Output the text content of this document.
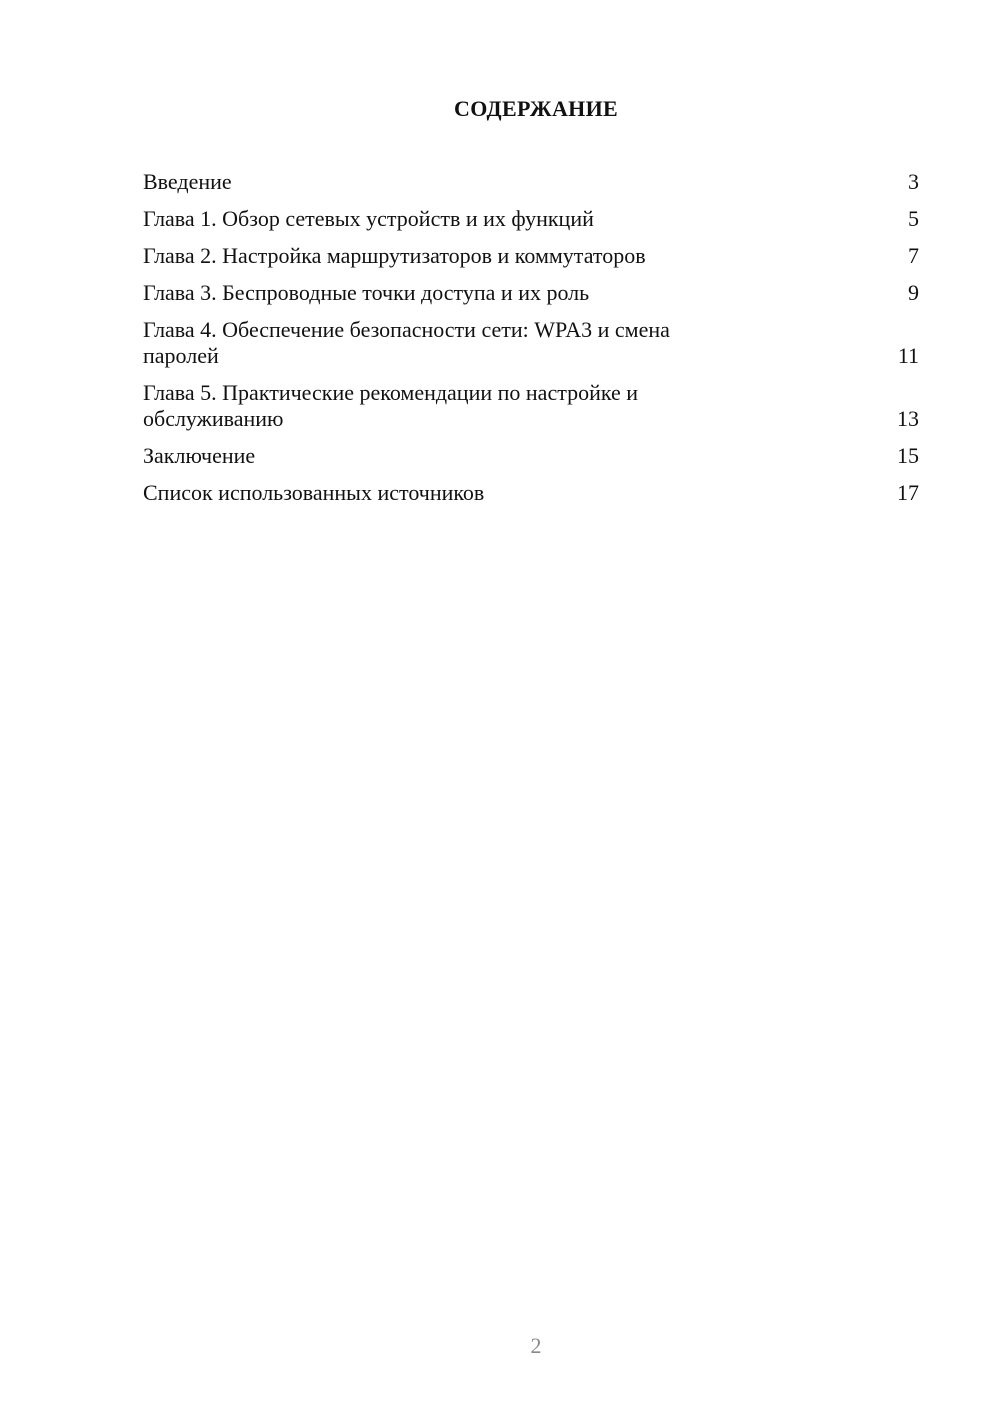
СОДЕРЖАНИЕ
Введение	3
Глава 1. Обзор сетевых устройств и их функций	5
Глава 2. Настройка маршрутизаторов и коммутаторов	7
Глава 3. Беспроводные точки доступа и их роль	9
Глава 4. Обеспечение безопасности сети: WPA3 и смена паролей	11
Глава 5. Практические рекомендации по настройке и обслуживанию	13
Заключение	15
Список использованных источников	17
2
